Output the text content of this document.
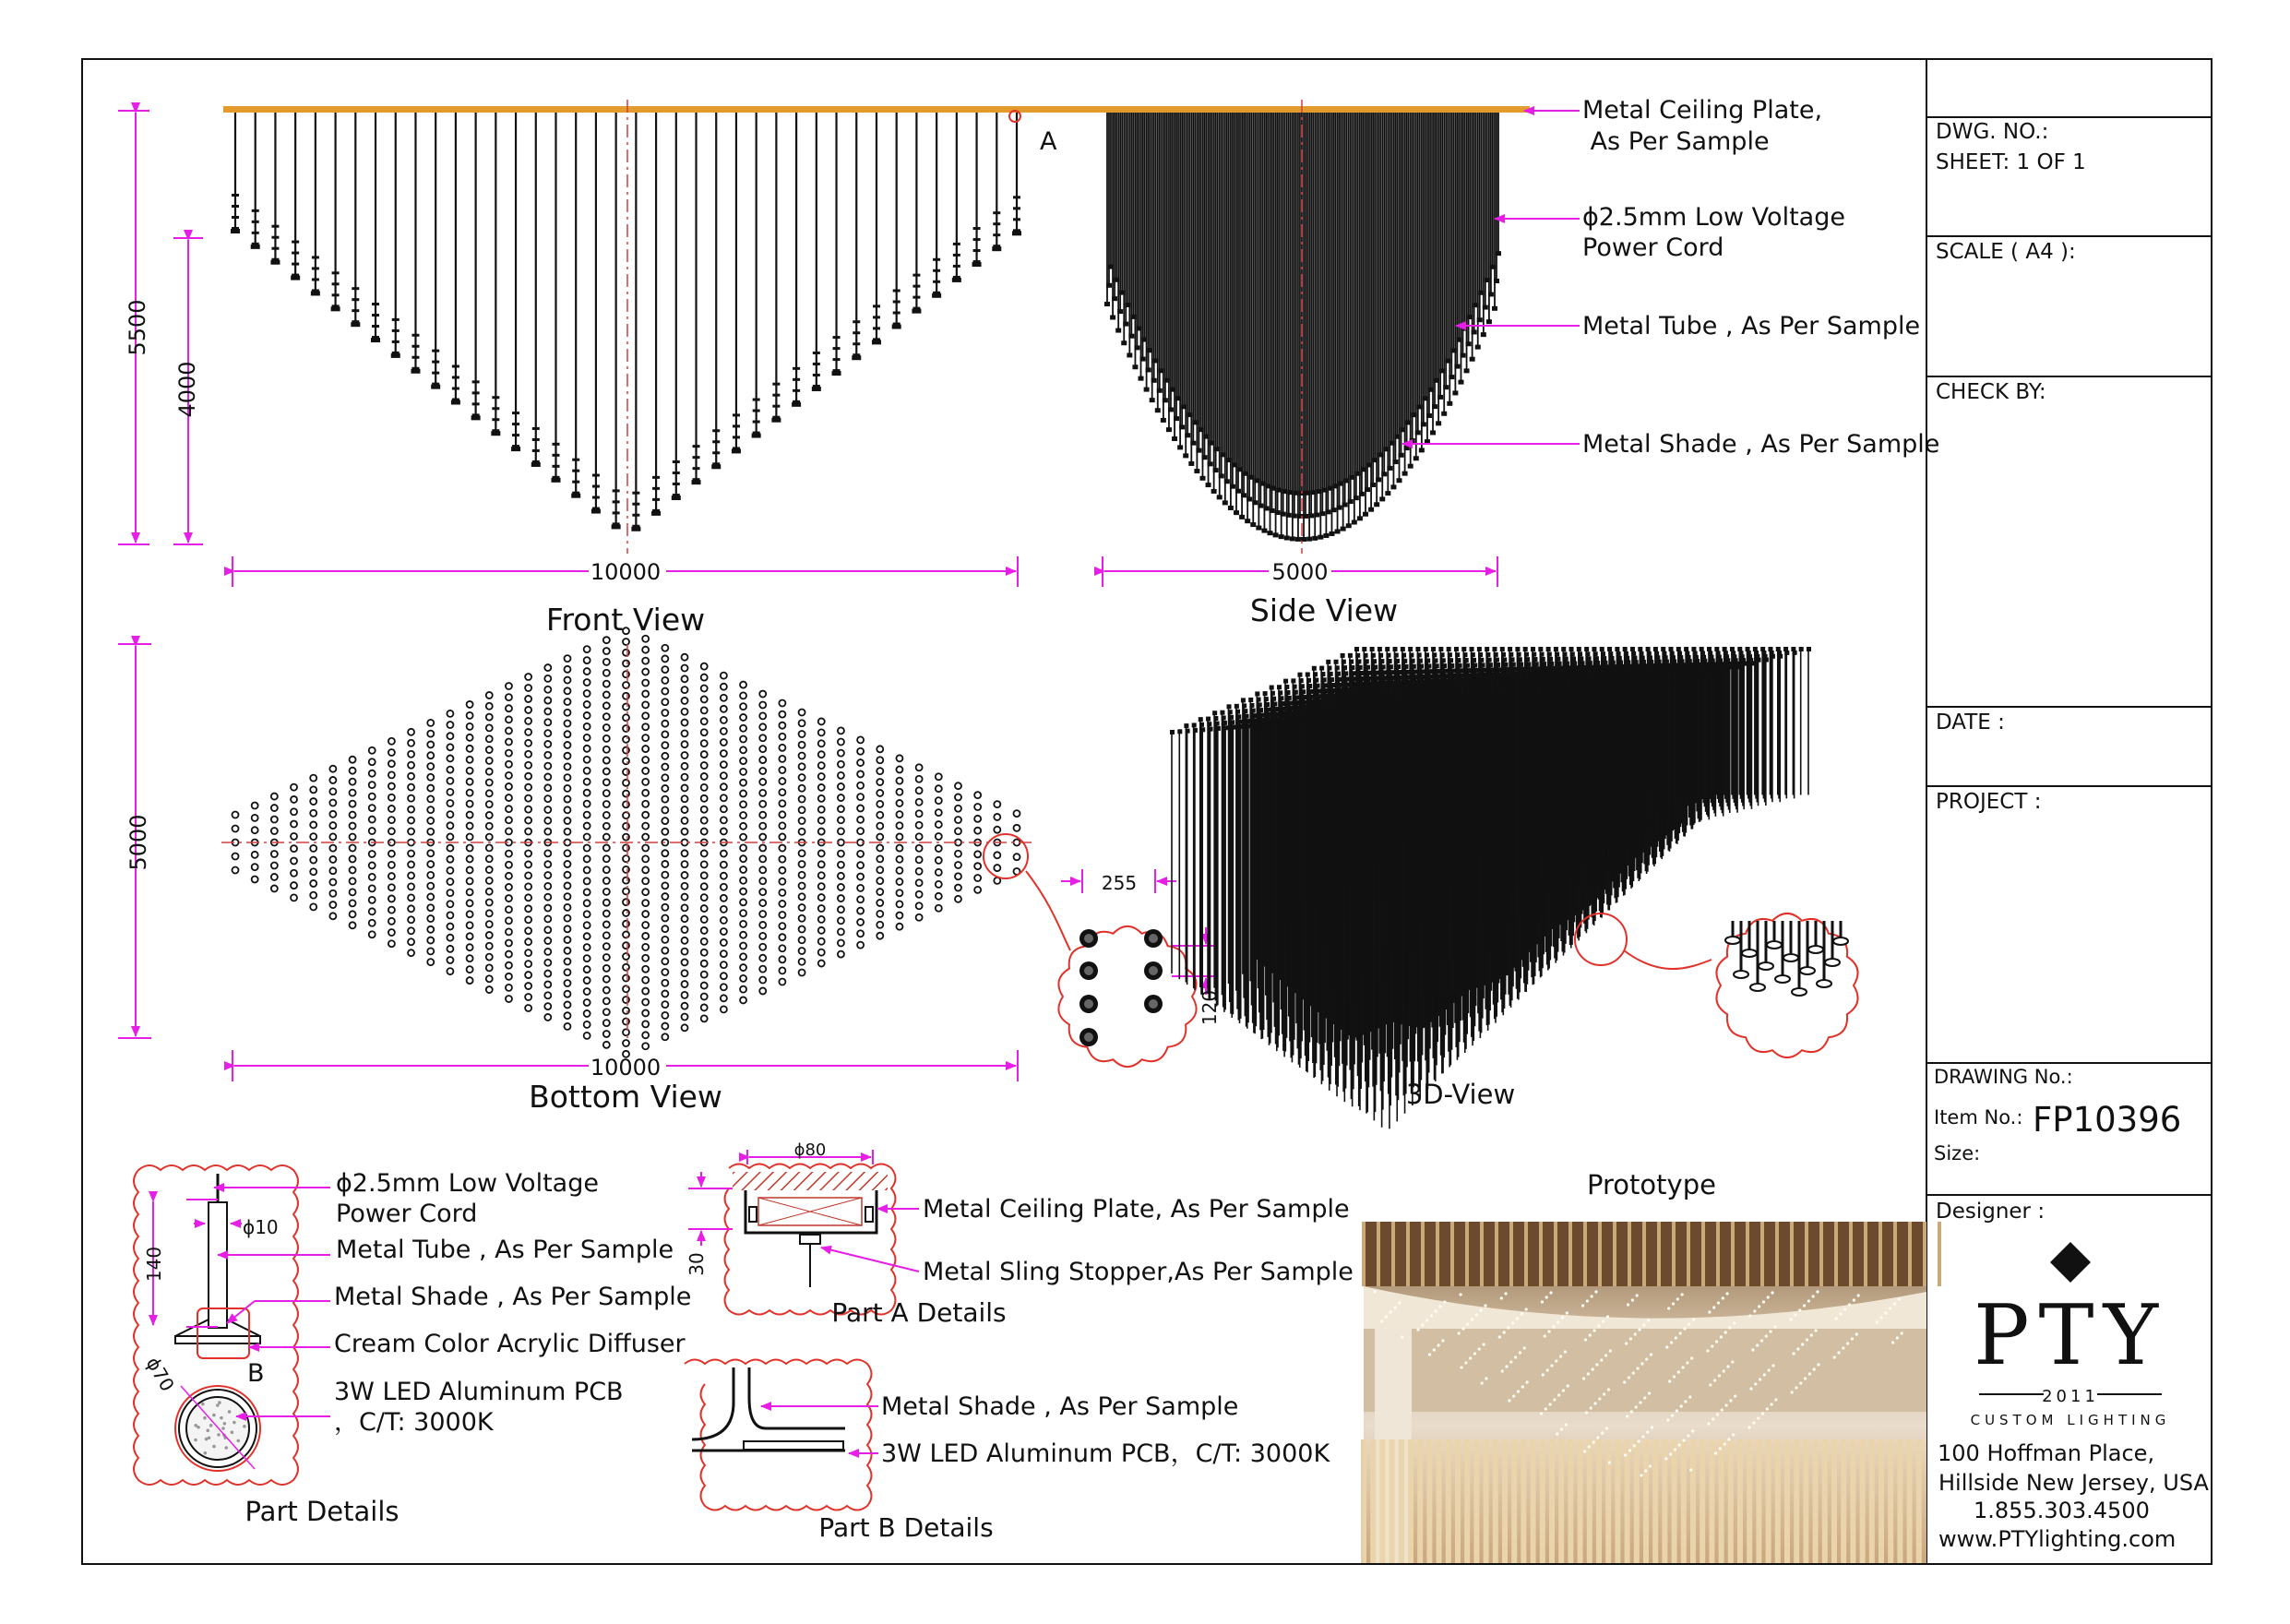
DWG. NO.:
SHEET: 1 OF 1
SCALE ( A4 ):
CHECK BY:
DATE :
PROJECT :
DRAWING No.:
Item No.: FP10396
Size:
Designer :
PTY
2011
CUSTOM LIGHTING
100 Hoffman Place,
Hillside New Jersey, USA
1.855.303.4500
www.PTYlighting.com
A
5500
4000
10000	5000
Front View	Side View
Metal Ceiling Plate,
As Per Sample
ϕ2.5mm Low Voltage
Power Cord
Metal Tube , As Per Sample
Metal Shade , As Per Sample
5000
10000
Bottom View
255
120
3D-View
ϕ2.5mm Low Voltage
Power Cord
Metal Tube , As Per Sample
Metal Shade , As Per Sample
Cream Color Acrylic Diffuser
3W LED Aluminum PCB
，C/T: 3000K
ϕ10
140
ϕ70	B
Part Details
ϕ80
30
Metal Ceiling Plate, As Per Sample
Metal Sling Stopper,As Per Sample
Part A Details
Metal Shade , As Per Sample
3W LED Aluminum PCB，C/T: 3000K
Part B Details
Prototype
